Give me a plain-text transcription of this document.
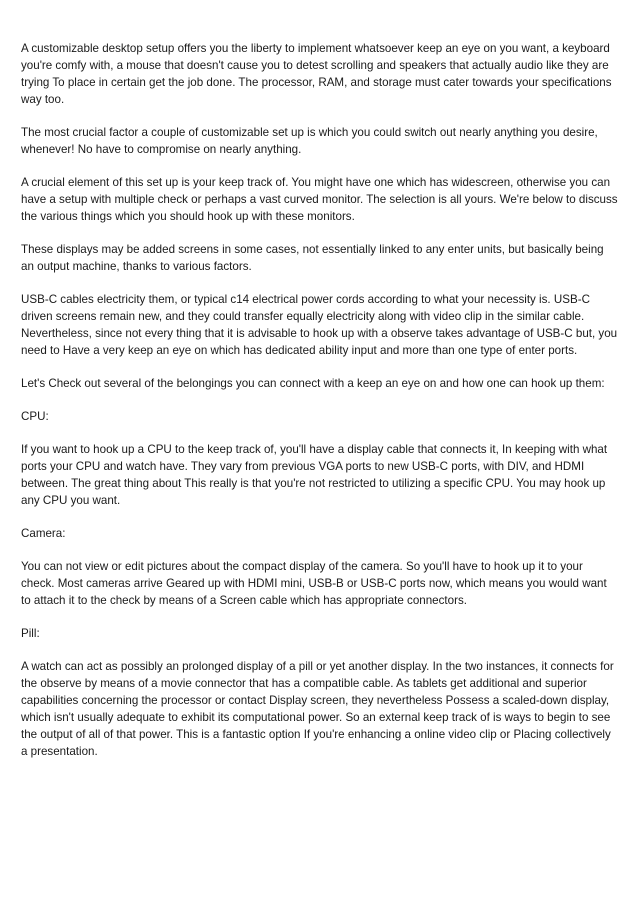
A customizable desktop setup offers you the liberty to implement whatsoever keep an eye on you want, a keyboard you're comfy with, a mouse that doesn't cause you to detest scrolling and speakers that actually audio like they are trying To place in certain get the job done. The processor, RAM, and storage must cater towards your specifications way too.

The most crucial factor a couple of customizable set up is which you could switch out nearly anything you desire, whenever! No have to compromise on nearly anything.

A crucial element of this set up is your keep track of. You might have one which has widescreen, otherwise you can have a setup with multiple check or perhaps a vast curved monitor. The selection is all yours. We're below to discuss the various things which you should hook up with these monitors.

These displays may be added screens in some cases, not essentially linked to any enter units, but basically being an output machine, thanks to various factors.

USB-C cables electricity them, or typical c14 electrical power cords according to what your necessity is. USB-C driven screens remain new, and they could transfer equally electricity along with video clip in the similar cable. Nevertheless, since not every thing that it is advisable to hook up with a observe takes advantage of USB-C but, you need to Have a very keep an eye on which has dedicated ability input and more than one type of enter ports.

Let's Check out several of the belongings you can connect with a keep an eye on and how one can hook up them:

CPU:

If you want to hook up a CPU to the keep track of, you'll have a display cable that connects it, In keeping with what ports your CPU and watch have. They vary from previous VGA ports to new USB-C ports, with DIV, and HDMI between. The great thing about This really is that you're not restricted to utilizing a specific CPU. You may hook up any CPU you want.

Camera:

You can not view or edit pictures about the compact display of the camera. So you'll have to hook up it to your check. Most cameras arrive Geared up with HDMI mini, USB-B or USB-C ports now, which means you would want to attach it to the check by means of a Screen cable which has appropriate connectors.

Pill:

A watch can act as possibly an prolonged display of a pill or yet another display. In the two instances, it connects for the observe by means of a movie connector that has a compatible cable. As tablets get additional and superior capabilities concerning the processor or contact Display screen, they nevertheless Possess a scaled-down display, which isn't usually adequate to exhibit its computational power. So an external keep track of is ways to begin to see the output of all of that power. This is a fantastic option If you're enhancing a online video clip or Placing collectively a presentation.
